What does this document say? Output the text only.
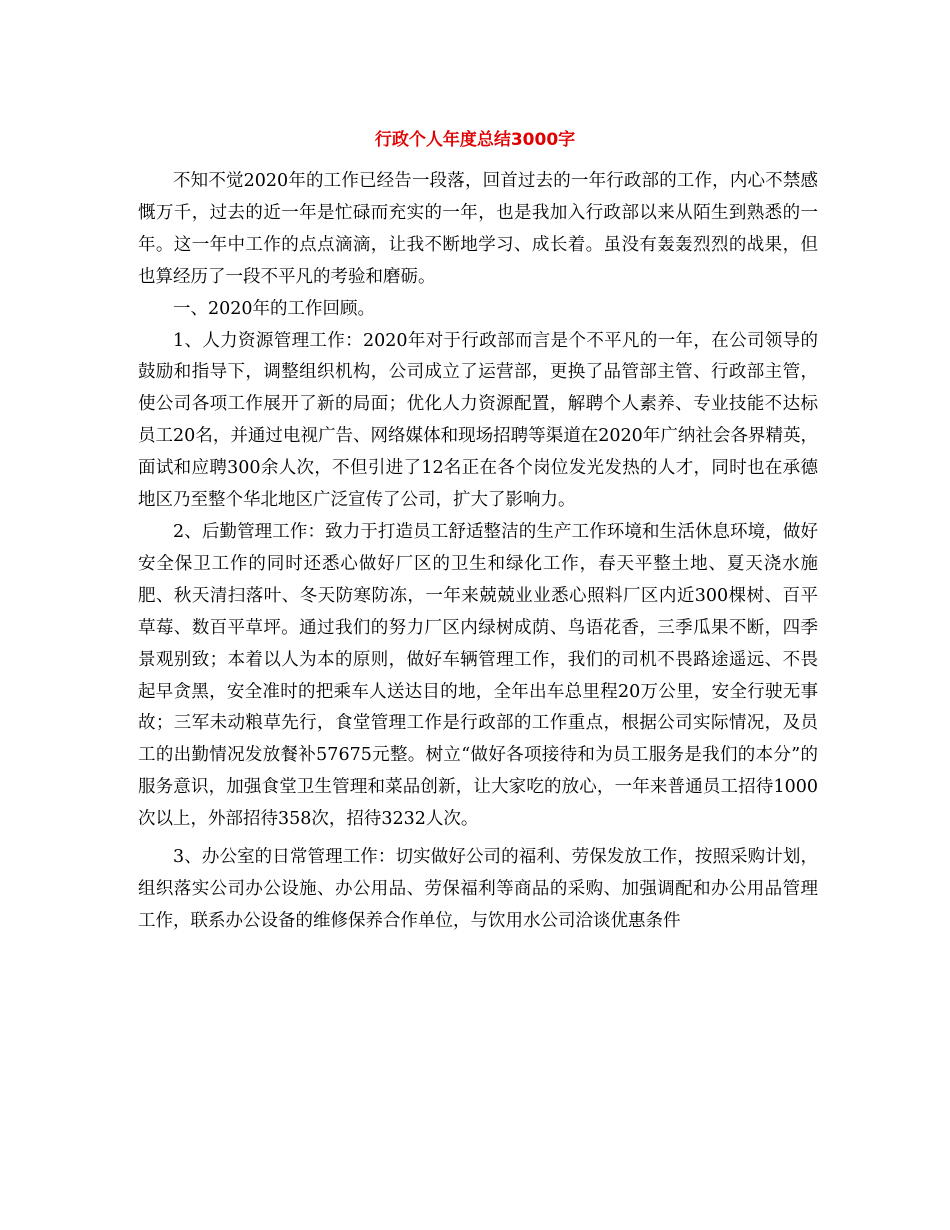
行政个人年度总结3000字

不知不觉2020年的工作已经告一段落，回首过去的一年行政部的工作，内心不禁感慨万千，过去的近一年是忙碌而充实的一年，也是我加入行政部以来从陌生到熟悉的一年。这一年中工作的点点滴滴，让我不断地学习、成长着。虽没有轰轰烈烈的战果，但也算经历了一段不平凡的考验和磨砺。

一、2020年的工作回顾。

1、人力资源管理工作：2020年对于行政部而言是个不平凡的一年，在公司领导的鼓励和指导下，调整组织机构，公司成立了运营部，更换了品管部主管、行政部主管，使公司各项工作展开了新的局面；优化人力资源配置，解聘个人素养、专业技能不达标员工20名，并通过电视广告、网络媒体和现场招聘等渠道在2020年广纳社会各界精英，面试和应聘300余人次，不但引进了12名正在各个岗位发光发热的人才，同时也在承德地区乃至整个华北地区广泛宣传了公司，扩大了影响力。

2、后勤管理工作：致力于打造员工舒适整洁的生产工作环境和生活休息环境，做好安全保卫工作的同时还悉心做好厂区的卫生和绿化工作，春天平整土地、夏天浇水施肥、秋天清扫落叶、冬天防寒防冻，一年来兢兢业业悉心照料厂区内近300棵树、百平草莓、数百平草坪。通过我们的努力厂区内绿树成荫、鸟语花香，三季瓜果不断，四季景观别致；本着以人为本的原则，做好车辆管理工作，我们的司机不畏路途遥远、不畏起早贪黑，安全准时的把乘车人送达目的地，全年出车总里程20万公里，安全行驶无事故；三军未动粮草先行，食堂管理工作是行政部的工作重点，根据公司实际情况，及员工的出勤情况发放餐补57675元整。树立“做好各项接待和为员工服务是我们的本分”的服务意识，加强食堂卫生管理和菜品创新，让大家吃的放心，一年来普通员工招待1000次以上，外部招待358次，招待3232人次。

3、办公室的日常管理工作：切实做好公司的福利、劳保发放工作，按照采购计划，组织落实公司办公设施、办公用品、劳保福利等商品的采购、加强调配和办公用品管理工作，联系办公设备的维修保养合作单位，与饮用水公司洽谈优惠条件
